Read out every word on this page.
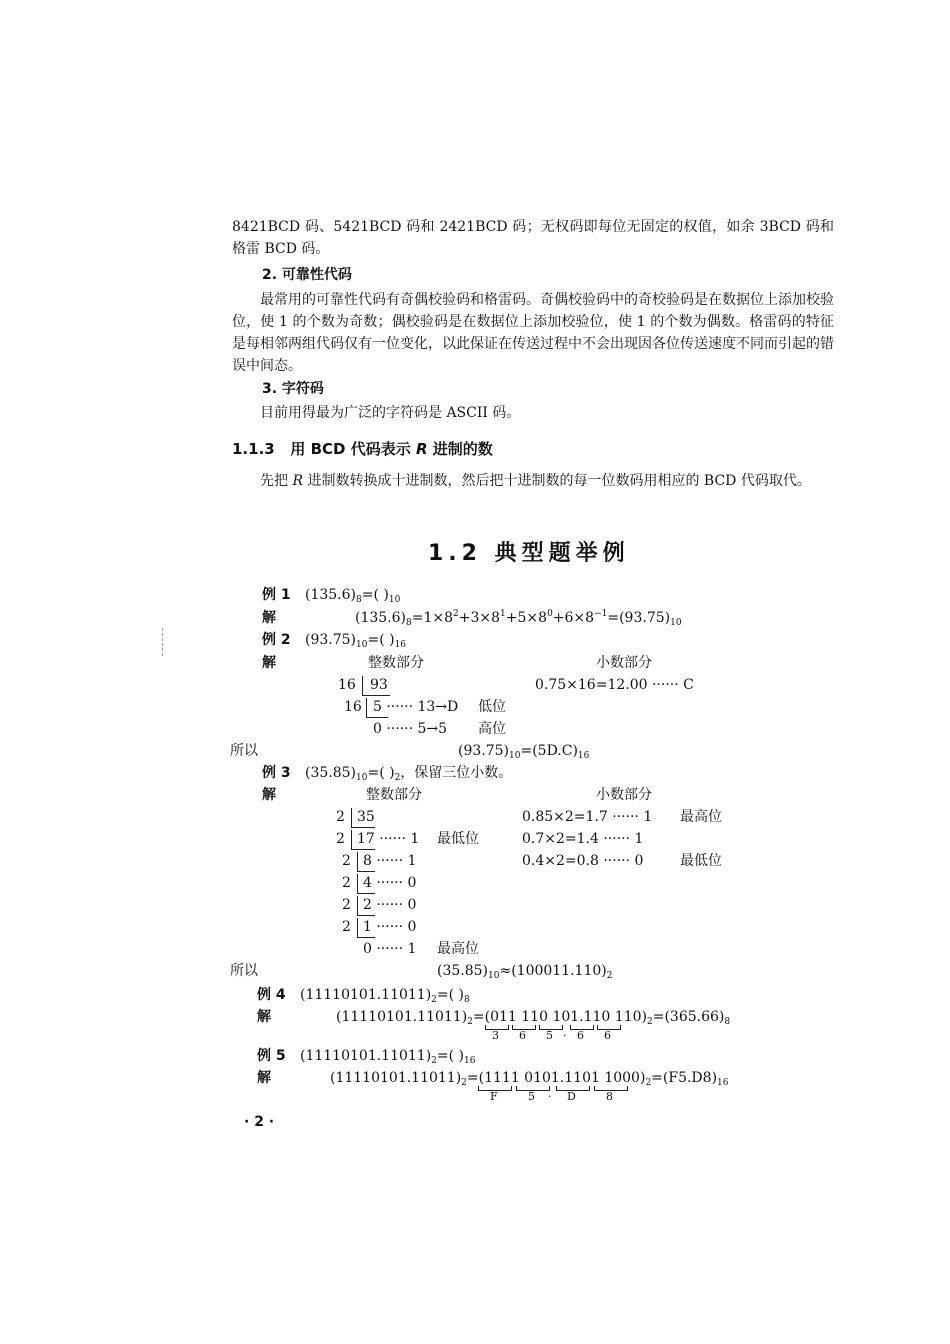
8421BCD 码、5421BCD 码和 2421BCD 码；无权码即每位无固定的权值，如余 3BCD 码和格雷 BCD 码。
2. 可靠性代码
最常用的可靠性代码有奇偶校验码和格雷码。奇偶校验码中的奇校验码是在数据位上添加校验位，使 1 的个数为奇数；偶校验码是在数据位上添加校验位，使 1 的个数为偶数。格雷码的特征是每相邻两组代码仅有一位变化，以此保证在传送过程中不会出现因各位传送速度不同而引起的错误中间态。
3. 字符码
目前用得最为广泛的字符码是 ASCII 码。
1.1.3 用 BCD 代码表示 R 进制的数
先把 R 进制数转换成十进制数，然后把十进制数的每一位数码用相应的 BCD 代码取代。
1.2 典型题举例
例 1 $(135.6)_8=$( )$_{10}$
解	$(135.6)_8=1\times 8^2+3\times 8^1+5\times 8^0+6\times 8^{-1}=(93.75)_{10}$
例 2 $(93.75)_{10}=$( )$_{16}$
解	整数部分	小数部分
16 93	0.75×16=12.00 ······ C
16 5 ······ 13→D 低位
0 ······ 5→5 高位
所以	$(93.75)_{10}=(5D.C)_{16}$
例 3 $(35.85)_{10}=$( )$_2$，保留三位小数。
解	整数部分	小数部分
2 35	0.85×2=1.7 ······ 1 最高位
2 17 ······ 1 最低位	0.7×2=1.4 ······ 1
2 8 ······ 1	0.4×2=0.8 ······ 0	最低位
2 4 ······ 0
2 2 ······ 0
2 1 ······ 0
0 ······ 1 最高位
所以	$(35.85)_{10}\approx(100011.110)_2$
例 4 $(11110101.11011)_2=$( )$_8$
解	$(11110101.11011)_2=(011$ 110 101.110 $110)_2=(365.66)_8$
3 6 5 · 6 6
例 5 $(11110101.11011)_2=$( )$_{16}$
解	$(11110101.11011)_2=(1111$ 0101.1101 $1000)_2=(F5.D8)_{16}$
F	5 · D	8
· 2 ·
